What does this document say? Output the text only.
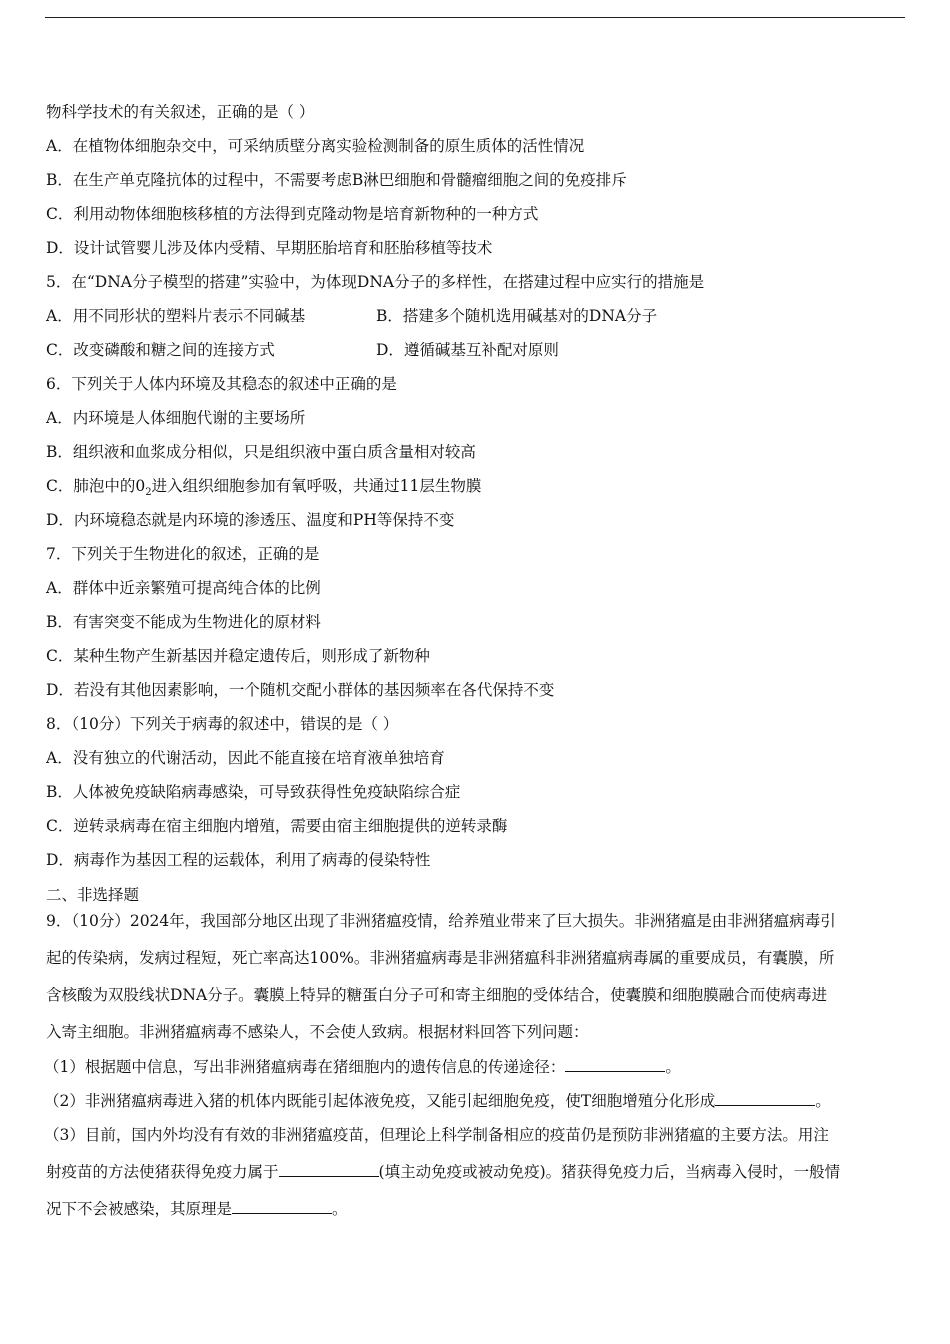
物科学技术的有关叙述，正确的是（ ）
A．在植物体细胞杂交中，可采纳质壁分离实验检测制备的原生质体的活性情况
B．在生产单克隆抗体的过程中，不需要考虑B淋巴细胞和骨髓瘤细胞之间的免疫排斥
C．利用动物体细胞核移植的方法得到克隆动物是培育新物种的一种方式
D．设计试管婴儿涉及体内受精、早期胚胎培育和胚胎移植等技术
5．在“DNA分子模型的搭建”实验中，为体现DNA分子的多样性，在搭建过程中应实行的措施是
A．用不同形状的塑料片表示不同碱基	B．搭建多个随机选用碱基对的DNA分子
C．改变磷酸和糖之间的连接方式	D．遵循碱基互补配对原则
6．下列关于人体内环境及其稳态的叙述中正确的是
A．内环境是人体细胞代谢的主要场所
B．组织液和血浆成分相似，只是组织液中蛋白质含量相对较高
C．肺泡中的$0_2$进入组织细胞参加有氧呼吸，共通过11层生物膜
D．内环境稳态就是内环境的渗透压、温度和PH等保持不变
7．下列关于生物进化的叙述，正确的是
A．群体中近亲繁殖可提高纯合体的比例
B．有害突变不能成为生物进化的原材料
C．某种生物产生新基因并稳定遗传后，则形成了新物种
D．若没有其他因素影响，一个随机交配小群体的基因频率在各代保持不变
8．（10分）下列关于病毒的叙述中，错误的是（ ）
A．没有独立的代谢活动，因此不能直接在培育液单独培育
B．人体被免疫缺陷病毒感染，可导致获得性免疫缺陷综合症
C．逆转录病毒在宿主细胞内增殖，需要由宿主细胞提供的逆转录酶
D．病毒作为基因工程的运载体，利用了病毒的侵染特性
二、非选择题
9．（10分）2024年，我国部分地区出现了非洲猪瘟疫情，给养殖业带来了巨大损失。非洲猪瘟是由非洲猪瘟病毒引
起的传染病，发病过程短，死亡率高达100%。非洲猪瘟病毒是非洲猪瘟科非洲猪瘟病毒属的重要成员，有囊膜，所
含核酸为双股线状DNA分子。囊膜上特异的糖蛋白分子可和寄主细胞的受体结合，使囊膜和细胞膜融合而使病毒进
入寄主细胞。非洲猪瘟病毒不感染人，不会使人致病。根据材料回答下列问题：
（1）根据题中信息，写出非洲猪瘟病毒在猪细胞内的遗传信息的传递途径：	。
（2）非洲猪瘟病毒进入猪的机体内既能引起体液免疫，又能引起细胞免疫，使T细胞增殖分化形成	。
（3）目前，国内外均没有有效的非洲猪瘟疫苗，但理论上科学制备相应的疫苗仍是预防非洲猪瘟的主要方法。用注
射疫苗的方法使猪获得免疫力属于	(填主动免疫或被动免疫)。猪获得免疫力后，当病毒入侵时，一般情
况下不会被感染，其原理是	。
